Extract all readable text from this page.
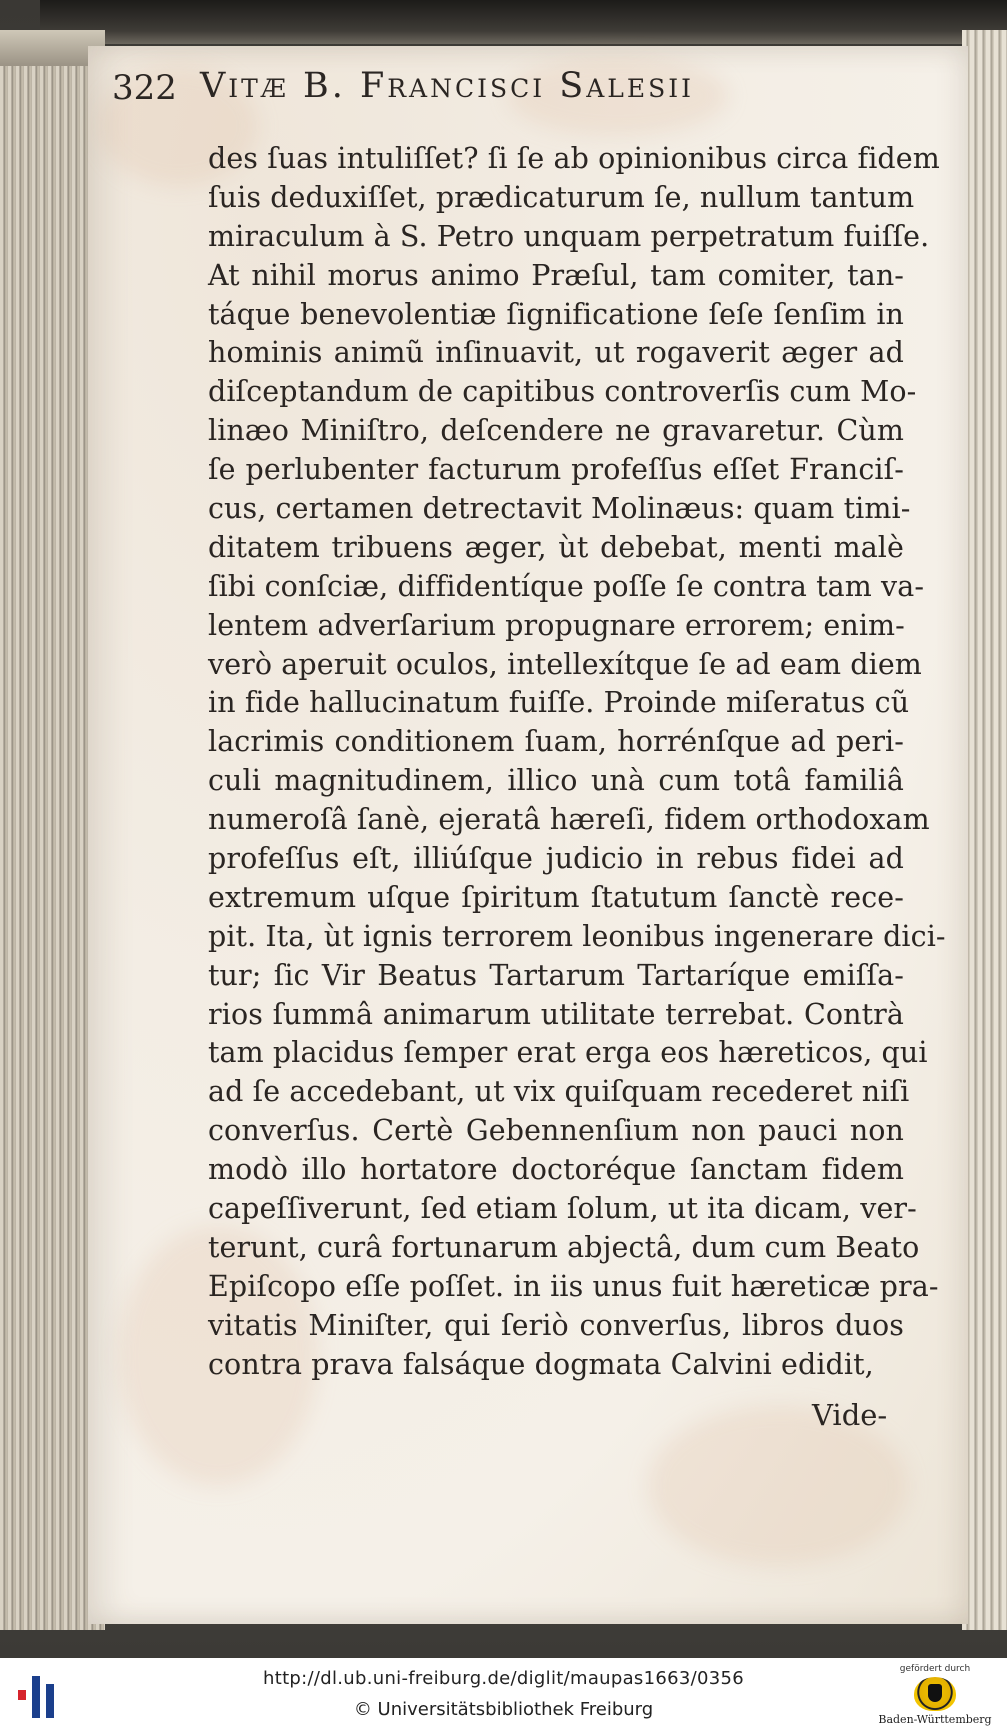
322 Vitæ B. Francisci Salesii
des ſuas intuliſſet? ſi ſe ab opinionibus circa fidem
ſuis deduxiſſet, prædicaturum ſe, nullum tantum
miraculum à S. Petro unquam perpetratum fuiſſe.
At nihil morus animo Præſul, tam comiter, tan-
táque benevolentiæ ſignificatione ſeſe ſenſim in
hominis animũ inſinuavit, ut rogaverit æger ad
diſceptandum de capitibus controverſis cum Mo-
linæo Miniſtro, deſcendere ne gravaretur. Cùm
ſe perlubenter facturum profeſſus eſſet Franciſ-
cus, certamen detrectavit Molinæus: quam timi-
ditatem tribuens æger, ùt debebat, menti malè
ſibi conſciæ, diffidentíque poſſe ſe contra tam va-
lentem adverſarium propugnare errorem; enim-
verò aperuit oculos, intellexítque ſe ad eam diem
in fide hallucinatum fuiſſe. Proinde miſeratus cũ
lacrimis conditionem ſuam, horrénſque ad peri-
culi magnitudinem, illico unà cum totâ familiâ
numeroſâ ſanè, ejeratâ hæreſi, fidem orthodoxam
profeſſus eſt, illiúſque judicio in rebus fidei ad
extremum uſque ſpiritum ſtatutum ſanctè rece-
pit. Ita, ùt ignis terrorem leonibus ingenerare dici-
tur; ſic Vir Beatus Tartarum Tartaríque emiſſa-
rios ſummâ animarum utilitate terrebat. Contrà
tam placidus ſemper erat erga eos hæreticos, qui
ad ſe accedebant, ut vix quiſquam recederet niſi
converſus. Certè Gebennenſium non pauci non
modò illo hortatore doctoréque ſanctam fidem
capeſſiverunt, ſed etiam ſolum, ut ita dicam, ver-
terunt, curâ fortunarum abjectâ, dum cum Beato
Epiſcopo eſſe poſſet. in iis unus fuit hæreticæ pra-
vitatis Miniſter, qui ſeriò converſus, libros duos
contra prava falsáque dogmata Calvini edidit,
Vide-
http://dl.ub.uni-freiburg.de/diglit/maupas1663/0356
© Universitätsbibliothek Freiburg
gefördert durch
Baden-Württemberg
